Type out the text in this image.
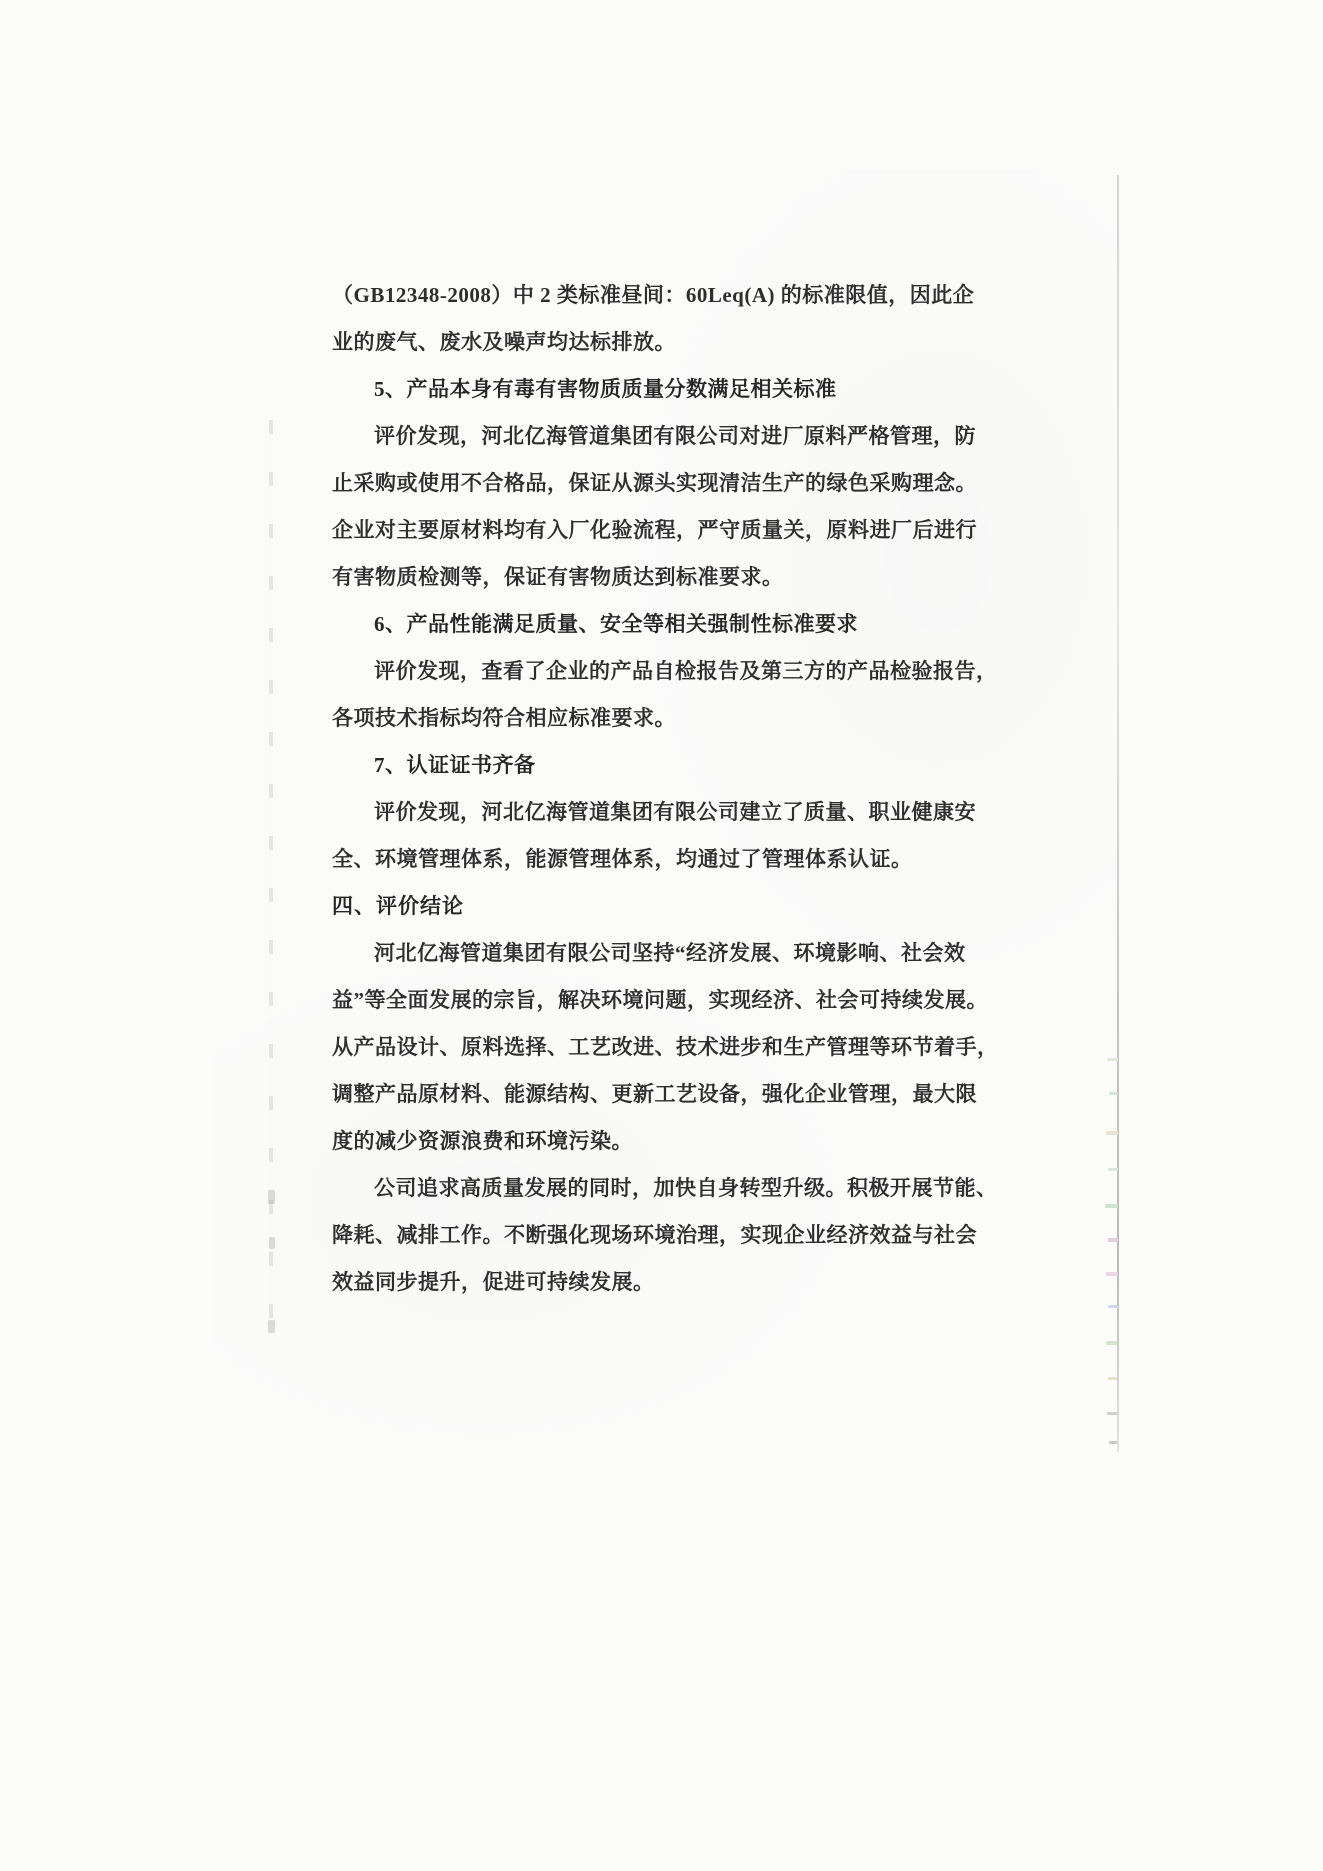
（GB12348-2008）中 2 类标准昼间：60Leq(A) 的标准限值，因此企
业的废气、废水及噪声均达标排放。
5、产品本身有毒有害物质质量分数满足相关标准
评价发现，河北亿海管道集团有限公司对进厂原料严格管理，防
止采购或使用不合格品，保证从源头实现清洁生产的绿色采购理念。
企业对主要原材料均有入厂化验流程，严守质量关，原料进厂后进行
有害物质检测等，保证有害物质达到标准要求。
6、产品性能满足质量、安全等相关强制性标准要求
评价发现，查看了企业的产品自检报告及第三方的产品检验报告，
各项技术指标均符合相应标准要求。
7、认证证书齐备
评价发现，河北亿海管道集团有限公司建立了质量、职业健康安
全、环境管理体系，能源管理体系，均通过了管理体系认证。
四、评价结论
河北亿海管道集团有限公司坚持“经济发展、环境影响、社会效
益”等全面发展的宗旨，解决环境问题，实现经济、社会可持续发展。
从产品设计、原料选择、工艺改进、技术进步和生产管理等环节着手，
调整产品原材料、能源结构、更新工艺设备，强化企业管理，最大限
度的减少资源浪费和环境污染。
公司追求高质量发展的同时，加快自身转型升级。积极开展节能、
降耗、减排工作。不断强化现场环境治理，实现企业经济效益与社会
效益同步提升，促进可持续发展。
